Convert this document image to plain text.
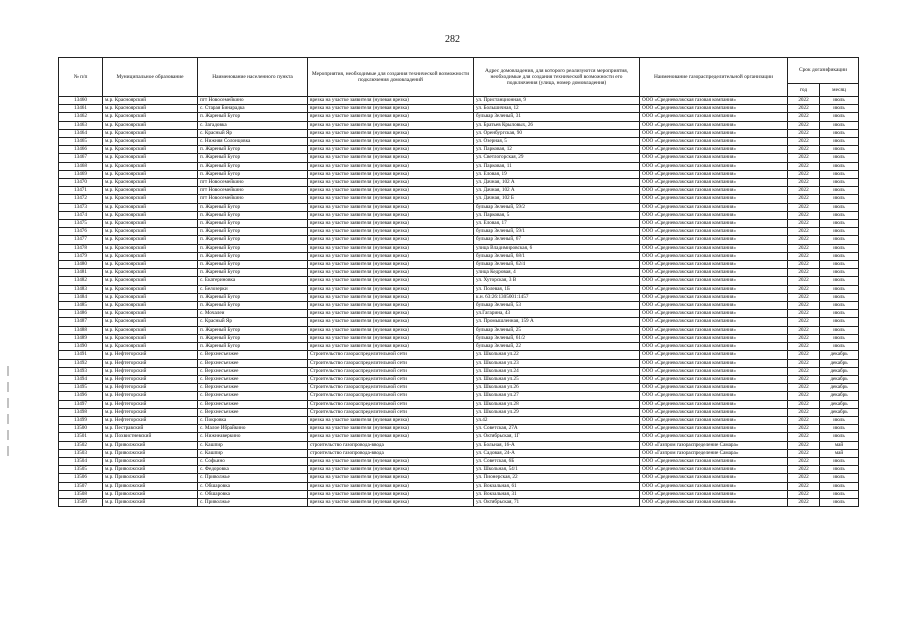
282
№ п/п	Муниципальное образование	Наименование населенного пункта	Мероприятия, необходимые для создания технической возможности подключения домовладений	Адрес домовладения, для которого реализуются мероприятия, необходимые для создания технической возможности его подключения (улица, номер домовладения)	Наименование газораспределительной организации	Срок догазификации	
						год	месяц
13460	м.р. Красноярский	пгт Новосемейкино	врезка на участке заявителя (нулевая врезка)	ул. Пристанционная, 9	ООО «Средневолжская газовая компания»	2022	июль
13461	м.р. Красноярский	с. Старая Бинарадка	врезка на участке заявителя (нулевая врезка)	ул. Большичная, 12	ООО «Средневолжская газовая компания»	2022	июль
13462	м.р. Красноярский	п. Жареный Бугор	врезка на участке заявителя (нулевая врезка)	бульвар Зеленый, 31	ООО «Средневолжская газовая компания»	2022	июль
13463	м.р. Красноярский	с. Загадовка	врезка на участке заявителя (нулевая врезка)	ул. Братьев Крыловых, 26	ООО «Средневолжская газовая компания»	2022	июль
13464	м.р. Красноярский	с. Красный Яр	врезка на участке заявителя (нулевая врезка)	ул. Оренбургская, 90	ООО «Средневолжская газовая компания»	2022	июль
13465	м.р. Красноярский	с. Нижняя Солонцовка	врезка на участке заявителя (нулевая врезка)	ул. Озерная, 5	ООО «Средневолжская газовая компания»	2022	июль
13466	м.р. Красноярский	п. Жареный Бугор	врезка на участке заявителя (нулевая врезка)	ул. Парковая, 12	ООО «Средневолжская газовая компания»	2022	июль
13467	м.р. Красноярский	п. Жареный Бугор	врезка на участке заявителя (нулевая врезка)	ул. Светлогорская, 29	ООО «Средневолжская газовая компания»	2022	июль
13468	м.р. Красноярский	п. Жареный Бугор	врезка на участке заявителя (нулевая врезка)	ул. Парковая, 11	ООО «Средневолжская газовая компания»	2022	июль
13469	м.р. Красноярский	п. Жареный Бугор	врезка на участке заявителя (нулевая врезка)	ул. Еловая, 19	ООО «Средневолжская газовая компания»	2022	июль
13470	м.р. Красноярский	пгт Новосемейкино	врезка на участке заявителя (нулевая врезка)	ул. Дачная, 102 А	ООО «Средневолжская газовая компания»	2022	июль
13471	м.р. Красноярский	пгт Новосемейкино	врезка на участке заявителя (нулевая врезка)	ул. Дачная, 102 А	ООО «Средневолжская газовая компания»	2022	июль
13472	м.р. Красноярский	пгт Новосемейкино	врезка на участке заявителя (нулевая врезка)	ул. Дачная, 102 Б	ООО «Средневолжская газовая компания»	2022	июль
13473	м.р. Красноярский	п. Жареный Бугор	врезка на участке заявителя (нулевая врезка)	бульвар Зеленый, 59/2	ООО «Средневолжская газовая компания»	2022	июль
13474	м.р. Красноярский	п. Жареный Бугор	врезка на участке заявителя (нулевая врезка)	ул. Парковая, 5	ООО «Средневолжская газовая компания»	2022	июль
13475	м.р. Красноярский	п. Жареный Бугор	врезка на участке заявителя (нулевая врезка)	ул. Еловая, 17	ООО «Средневолжская газовая компания»	2022	июль
13476	м.р. Красноярский	п. Жареный Бугор	врезка на участке заявителя (нулевая врезка)	бульвар Зеленый, 59/1	ООО «Средневолжская газовая компания»	2022	июль
13477	м.р. Красноярский	п. Жареный Бугор	врезка на участке заявителя (нулевая врезка)	бульвар Зеленый, 67	ООО «Средневолжская газовая компания»	2022	июль
13478	м.р. Красноярский	п. Жареный Бугор	врезка на участке заявителя (нулевая врезка)	улица Владимировская, 6	ООО «Средневолжская газовая компания»	2022	июль
13479	м.р. Красноярский	п. Жареный Бугор	врезка на участке заявителя (нулевая врезка)	бульвар Зеленый, 68/1	ООО «Средневолжская газовая компания»	2022	июль
13480	м.р. Красноярский	п. Жареный Бугор	врезка на участке заявителя (нулевая врезка)	бульвар Зеленый, 62/4	ООО «Средневолжская газовая компания»	2022	июль
13481	м.р. Красноярский	п. Жареный Бугор	врезка на участке заявителя (нулевая врезка)	улица Кедровая, 4	ООО «Средневолжская газовая компания»	2022	июль
13482	м.р. Красноярский	с. Екатериновка	врезка на участке заявителя (нулевая врезка)	ул. Хуторская, 3 В	ООО «Средневолжская газовая компания»	2022	июль
13483	м.р. Красноярский	с. Белозерки	врезка на участке заявителя (нулевая врезка)	ул. Полевая, 1Б	ООО «Средневолжская газовая компания»	2022	июль
13484	м.р. Красноярский	п. Жареный Бугор	врезка на участке заявителя (нулевая врезка)	к.н. 63:26:1305001:1457	ООО «Средневолжская газовая компания»	2022	июль
13485	м.р. Красноярский	п. Жареный Бугор	врезка на участке заявителя (нулевая врезка)	бульвар Зеленый, 53	ООО «Средневолжская газовая компания»	2022	июль
13486	м.р. Красноярский	с. Мочалеи	врезка на участке заявителя (нулевая врезка)	ул.Гагарина, 43	ООО «Средневолжская газовая компания»	2022	июль
13487	м.р. Красноярский	с. Красный Яр	врезка на участке заявителя (нулевая врезка)	ул. Промышленная, 159 А	ООО «Средневолжская газовая компания»	2022	июль
13488	м.р. Красноярский	п. Жареный Бугор	врезка на участке заявителя (нулевая врезка)	бульвар Зеленый, 25	ООО «Средневолжская газовая компания»	2022	июль
13489	м.р. Красноярский	п. Жареный Бугор	врезка на участке заявителя (нулевая врезка)	бульвар Зеленый, 61/2	ООО «Средневолжская газовая компания»	2022	июль
13490	м.р. Красноярский	п. Жареный Бугор	врезка на участке заявителя (нулевая врезка)	бульвар Зеленый, 22	ООО «Средневолжская газовая компания»	2022	июль
13491	м.р. Нефтегорский	с. Верхнесъезжее	Строительство газораспределительной сети	ул. Школьная ул.22	ООО «Средневолжская газовая компания»	2022	декабрь
13492	м.р. Нефтегорский	с. Верхнесъезжее	Строительство газораспределительной сети	ул. Школьная ул.23	ООО «Средневолжская газовая компания»	2022	декабрь
13493	м.р. Нефтегорский	с. Верхнесъезжее	Строительство газораспределительной сети	ул. Школьная ул.24	ООО «Средневолжская газовая компания»	2022	декабрь
13494	м.р. Нефтегорский	с. Верхнесъезжее	Строительство газораспределительной сети	ул. Школьная ул.25	ООО «Средневолжская газовая компания»	2022	декабрь
13495	м.р. Нефтегорский	с. Верхнесъезжее	Строительство газораспределительной сети	ул. Школьная ул.26	ООО «Средневолжская газовая компания»	2022	декабрь
13496	м.р. Нефтегорский	с. Верхнесъезжее	Строительство газораспределительной сети	ул. Школьная ул.27	ООО «Средневолжская газовая компания»	2022	декабрь
13497	м.р. Нефтегорский	с. Верхнесъезжее	Строительство газораспределительной сети	ул. Школьная ул.28	ООО «Средневолжская газовая компания»	2022	декабрь
13498	м.р. Нефтегорский	с. Верхнесъезжее	Строительство газораспределительной сети	ул. Школьная ул.29	ООО «Средневолжская газовая компания»	2022	декабрь
13499	м.р. Нефтегорский	с. Покровка	врезка на участке заявителя (нулевая врезка)	ул.42	ООО «Средневолжская газовая компания»	2022	июль
13500	м.р. Пестравский	с. Малое Ибрайкино	врезка на участке заявителя (нулевая врезка)	ул. Советская, 27А	ООО «Средневолжская газовая компания»	2022	июль
13501	м.р. Похвистневский	с. Нижнеаверкино	врезка на участке заявителя (нулевая врезка)	ул. Октябрьская, 1Г	ООО «Средневолжская газовая компания»	2022	июль
13502	м.р. Приволжский	с. Кашпир	строительство газопровода-ввода	ул. Больная, 16-А	ООО «Газпром газораспределение Самара»	2022	май
13503	м.р. Приволжский	с. Кашпир	строительство газопровода-ввода	ул. Садовая, 24-А	ООО «Газпром газораспределение Самара»	2022	май
13504	м.р. Приволжский	с. Софьино	врезка на участке заявителя (нулевая врезка)	ул. Советская, 6Б	ООО «Средневолжская газовая компания»	2022	июль
13505	м.р. Приволжский	с. Федоровка	врезка на участке заявителя (нулевая врезка)	ул. Школьная, 54/1	ООО «Средневолжская газовая компания»	2022	июль
13506	м.р. Приволжский	с. Приволжье	врезка на участке заявителя (нулевая врезка)	ул. Пионерская, 22	ООО «Средневолжская газовая компания»	2022	июль
13507	м.р. Приволжский	с. Обшаровка	врезка на участке заявителя (нулевая врезка)	ул. Вокзальная, 61	ООО «Средневолжская газовая компания»	2022	июль
13508	м.р. Приволжский	с. Обшаровка	врезка на участке заявителя (нулевая врезка)	ул. Вокзальная, 31	ООО «Средневолжская газовая компания»	2022	июль
13509	м.р. Приволжский	с. Приволжье	врезка на участке заявителя (нулевая врезка)	ул. Октябрьская, 71	ООО «Средневолжская газовая компания»	2022	июль
